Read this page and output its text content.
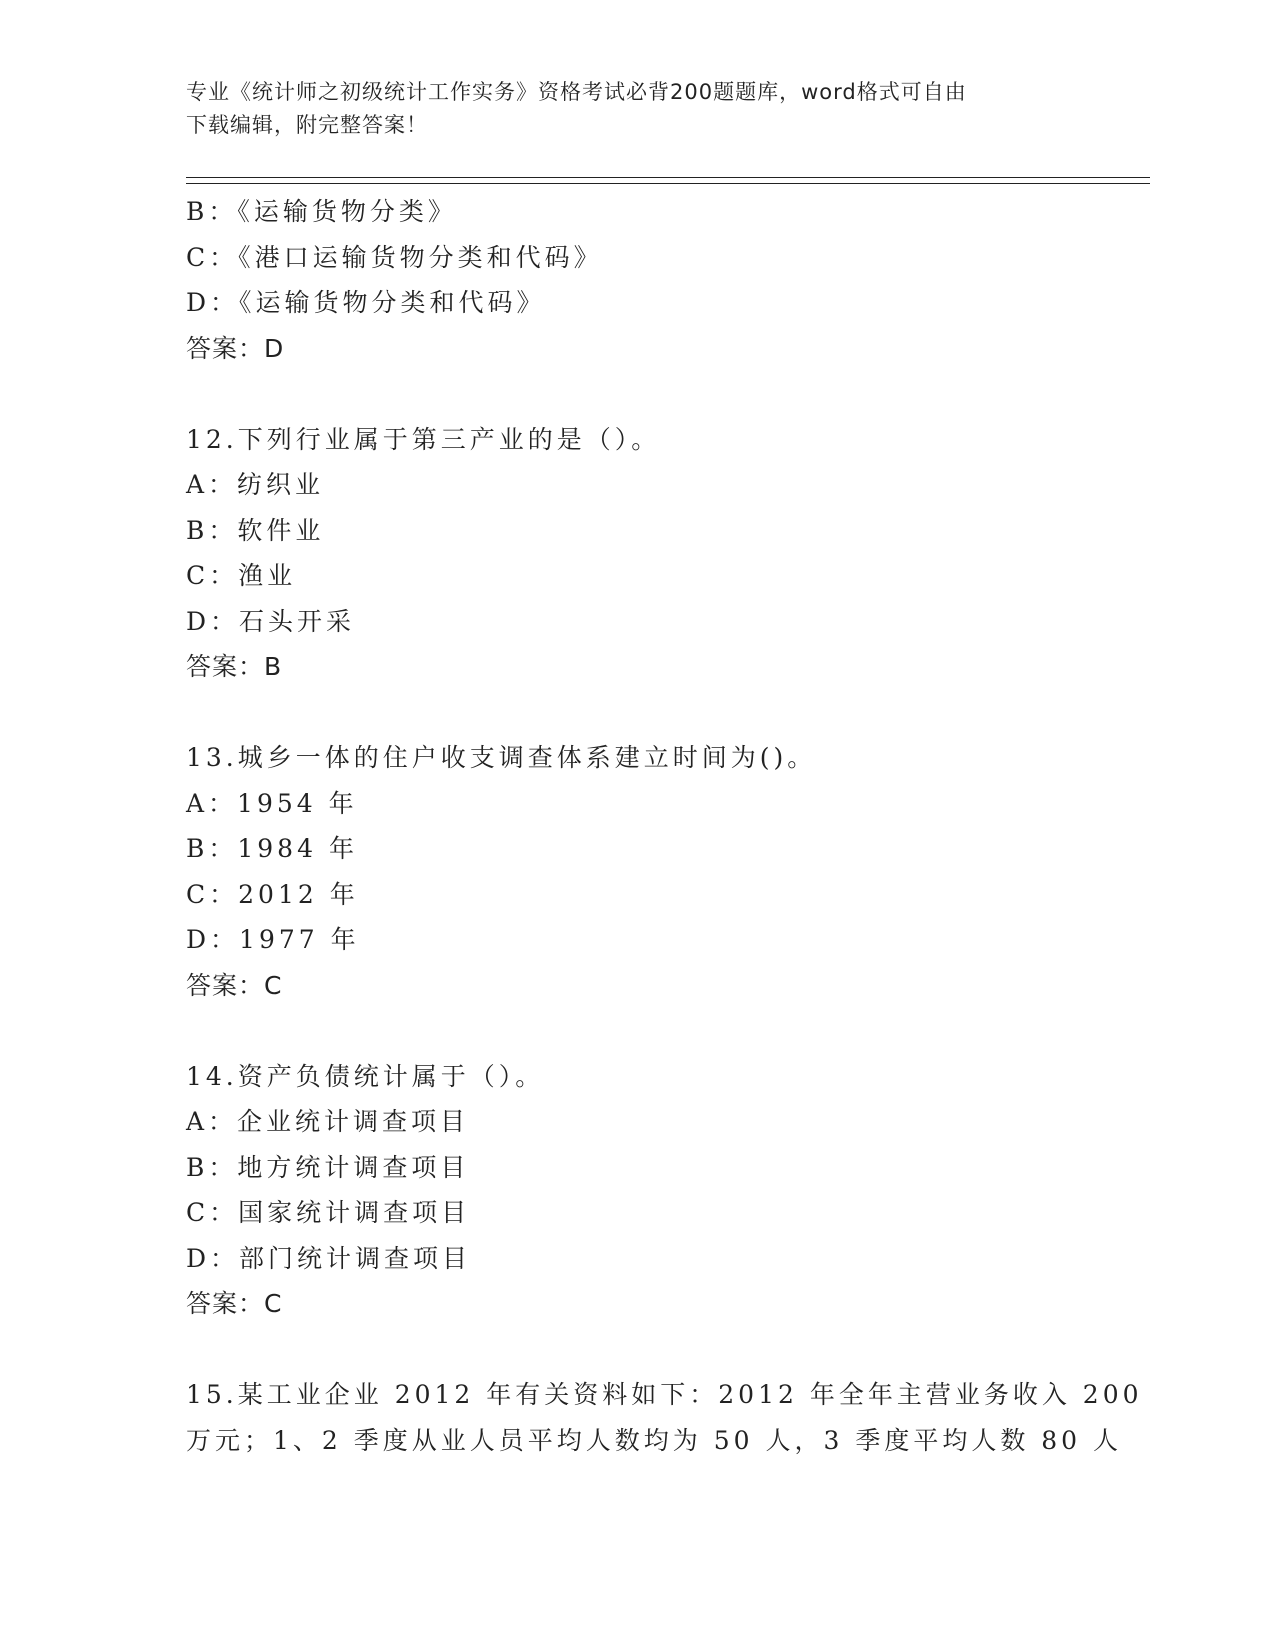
专业《统计师之初级统计工作实务》资格考试必背200题题库，word格式可自由
下载编辑，附完整答案！
B：《运输货物分类》
C：《港口运输货物分类和代码》
D：《运输货物分类和代码》
答案：D
12.下列行业属于第三产业的是（）。
A：纺织业
B：软件业
C：渔业
D：石头开采
答案：B
13.城乡一体的住户收支调查体系建立时间为()。
A：1954 年
B：1984 年
C：2012 年
D：1977 年
答案：C
14.资产负债统计属于（）。
A：企业统计调查项目
B：地方统计调查项目
C：国家统计调查项目
D：部门统计调查项目
答案：C
15.某工业企业 2012 年有关资料如下：2012 年全年主营业务收入 200
万元；1、2 季度从业人员平均人数均为 50 人，3 季度平均人数 80 人
